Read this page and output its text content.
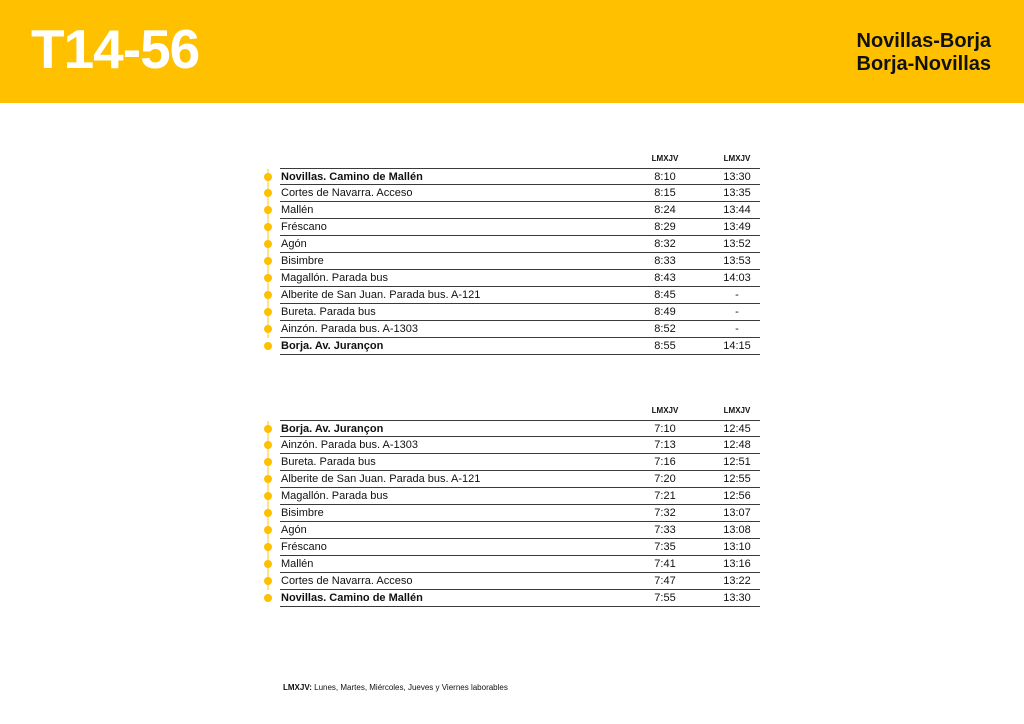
T14-56	Novillas-Borja
Borja-Novillas
LMXJV	LMXJV
Novillas. Camino de Mallén	8:10	13:30
Cortes de Navarra. Acceso	8:15	13:35
Mallén	8:24	13:44
Fréscano	8:29	13:49
Agón	8:32	13:52
Bisimbre	8:33	13:53
Magallón. Parada bus	8:43	14:03
Alberite de San Juan. Parada bus. A-121	8:45	-
Bureta. Parada bus	8:49	-
Ainzón. Parada bus. A-1303	8:52	-
Borja. Av. Jurançon	8:55	14:15
LMXJV	LMXJV
Borja. Av. Jurançon	7:10	12:45
Ainzón. Parada bus. A-1303	7:13	12:48
Bureta. Parada bus	7:16	12:51
Alberite de San Juan. Parada bus. A-121	7:20	12:55
Magallón. Parada bus	7:21	12:56
Bisimbre	7:32	13:07
Agón	7:33	13:08
Fréscano	7:35	13:10
Mallén	7:41	13:16
Cortes de Navarra. Acceso	7:47	13:22
Novillas. Camino de Mallén	7:55	13:30
LMXJV: Lunes, Martes, Miércoles, Jueves y Viernes laborables
